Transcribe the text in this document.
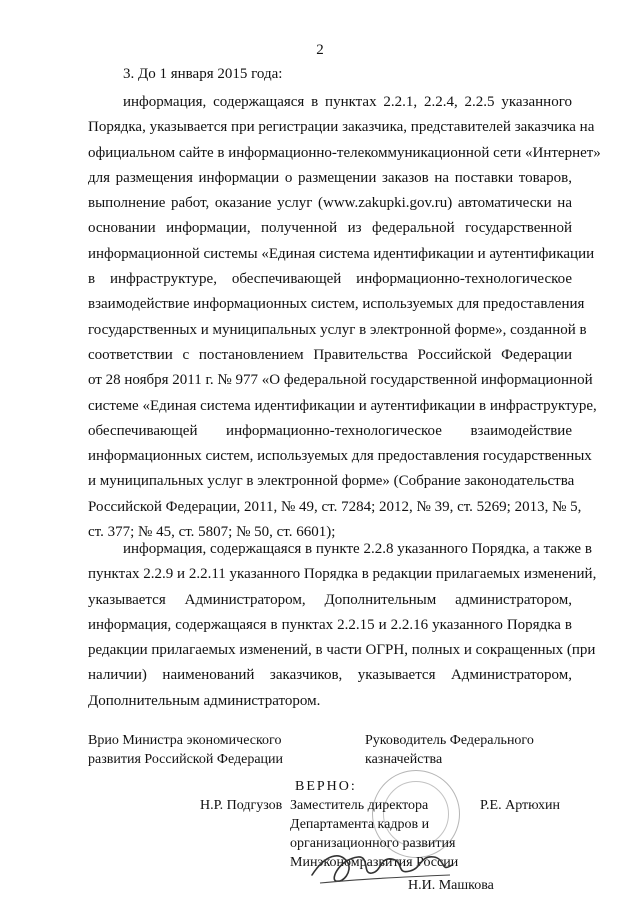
2
3. До 1 января 2015 года:
информация, содержащаяся в пунктах 2.2.1, 2.2.4, 2.2.5 указанного
Порядка, указывается при регистрации заказчика, представителей заказчика на
официальном сайте в информационно-телекоммуникационной сети «Интернет»
для размещения информации о размещении заказов на поставки товаров,
выполнение работ, оказание услуг (www.zakupki.gov.ru) автоматически на
основании информации, полученной из федеральной государственной
информационной системы «Единая система идентификации и аутентификации
в инфраструктуре, обеспечивающей информационно-технологическое
взаимодействие информационных систем, используемых для предоставления
государственных и муниципальных услуг в электронной форме», созданной в
соответствии с постановлением Правительства Российской Федерации
от 28 ноября 2011 г. № 977 «О федеральной государственной информационной
системе «Единая система идентификации и аутентификации в инфраструктуре,
обеспечивающей информационно-технологическое взаимодействие
информационных систем, используемых для предоставления государственных
и муниципальных услуг в электронной форме» (Собрание законодательства
Российской Федерации, 2011, № 49, ст. 7284; 2012, № 39, ст. 5269; 2013, № 5,
ст. 377; № 45, ст. 5807; № 50, ст. 6601);
информация, содержащаяся в пункте 2.2.8 указанного Порядка, а также в
пунктах 2.2.9 и 2.2.11 указанного Порядка в редакции прилагаемых изменений,
указывается Администратором, Дополнительным администратором,
информация, содержащаяся в пунктах 2.2.15 и 2.2.16 указанного Порядка в
редакции прилагаемых изменений, в части ОГРН, полных и сокращенных (при
наличии) наименований заказчиков, указывается Администратором,
Дополнительным администратором.
Врио Министра экономического
развития Российской Федерации
Руководитель Федерального
казначейства
ВЕРНО:
Н.Р. Подгузов	Р.Е. Артюхин
Заместитель директора
Департамента кадров и
организационного развития
Минэкономразвития России
Н.И. Машкова
